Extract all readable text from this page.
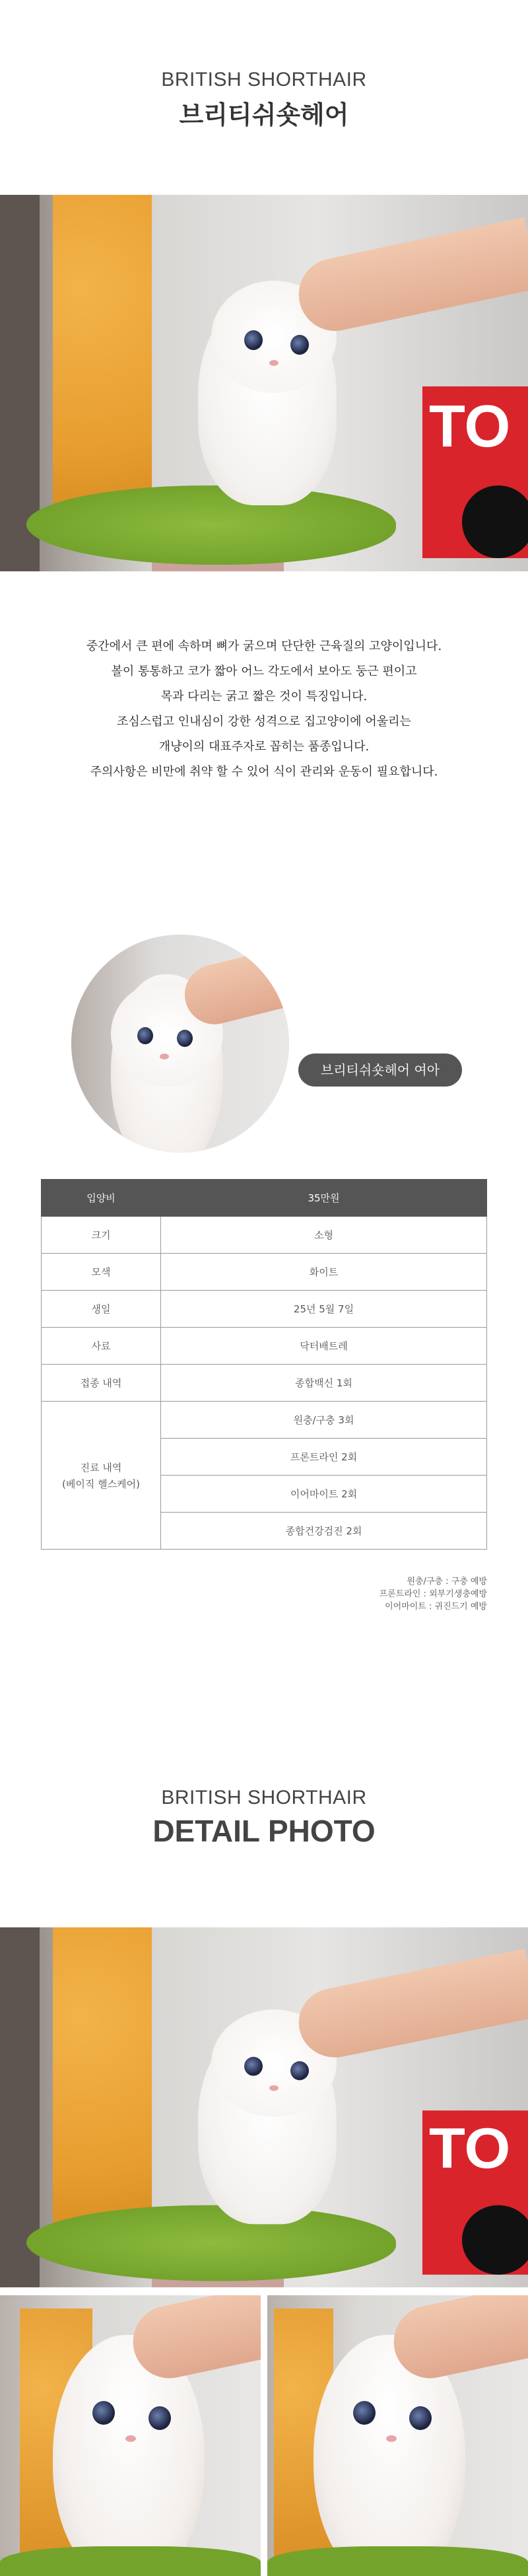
BRITISH SHORTHAIR
브리티쉬숏헤어
TO
중간에서 큰 편에 속하며 뼈가 굵으며 단단한 근육질의 고양이입니다.
볼이 통통하고 코가 짧아 어느 각도에서 보아도 둥근 편이고
목과 다리는 굵고 짧은 것이 특징입니다.
조심스럽고 인내심이 강한 성격으로 집고양이에 어울리는
개냥이의 대표주자로 꼽히는 품종입니다.
주의사항은 비만에 취약 할 수 있어 식이 관리와 운동이 필요합니다.
브리티쉬숏헤어 여아
입양비	35만원
크기	소형
모색	화이트
생일	25년 5월 7일
사료	닥터배트레
접종 내역	종합백신 1회

진료 내역
(베이직 헬스케어)	원충/구충 3회
	프론트라인 2회
	이어마이트 2회
	종합건강검진 2회
원충/구충 : 구충 예방
프론트라인 : 외부기생충예방
이어마이트 : 귀진드기 예방
BRITISH SHORTHAIR
DETAIL PHOTO
TO
